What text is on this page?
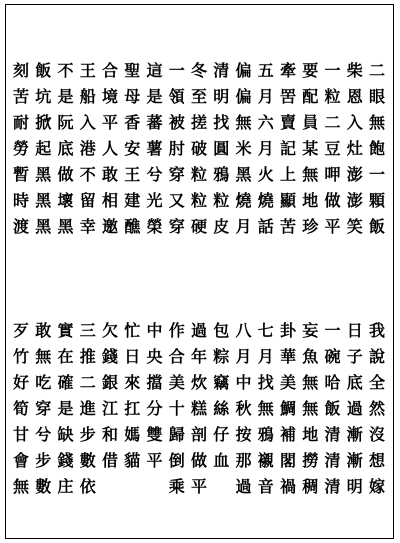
二
眼
無
飽
一
顆
飯
柴
恩
入
灶
澎
澎
笑
一
粒
二
豆
呷
做
平
要
配
員
某
無
地
珍
牽
罟
賣
記
上
顯
苦
五
月
六
月
火
燒
話
偏
偏
無
米
黑
燒
月
清
明
找
圓
鴉
粒
皮
冬
至
搓
破
粒
粒
硬
一
領
被
肘
穿
又
穿
這
是
蕃
薯
兮
光
榮
聖
母
香
安
王
建
醮
合
境
平
人
敢
相
邀
王
船
入
港
不
留
幸
不
是
阮
底
做
壞
黑
飯
坑
掀
起
黑
黑
黑
刻
苦
耐
勞
暫
時
渡
我
說
全
然
沒
想
嫁
日
子
底
過
漸
漸
明
一
碗
哈
飯
清
清
清
妄
魚
無
無
地
撈
稠
卦
華
美
鯛
補
閣
禍
七
月
找
無
鴉
襯
音
八
月
中
秋
按
那
過
包
粽
竊
絲
仔
血
過
年
炊
糕
剖
做
平
作
合
美
十
歸
倒
乘
中
央
擋
分
雙
平
忙
日
來
扛
媽
貓
欠
錢
銀
江
和
借
三
推
二
進
步
數
依
實
在
確
是
缺
錢
庄
敢
無
吃
穿
兮
步
數
歹
竹
好
筍
甘
會
無
